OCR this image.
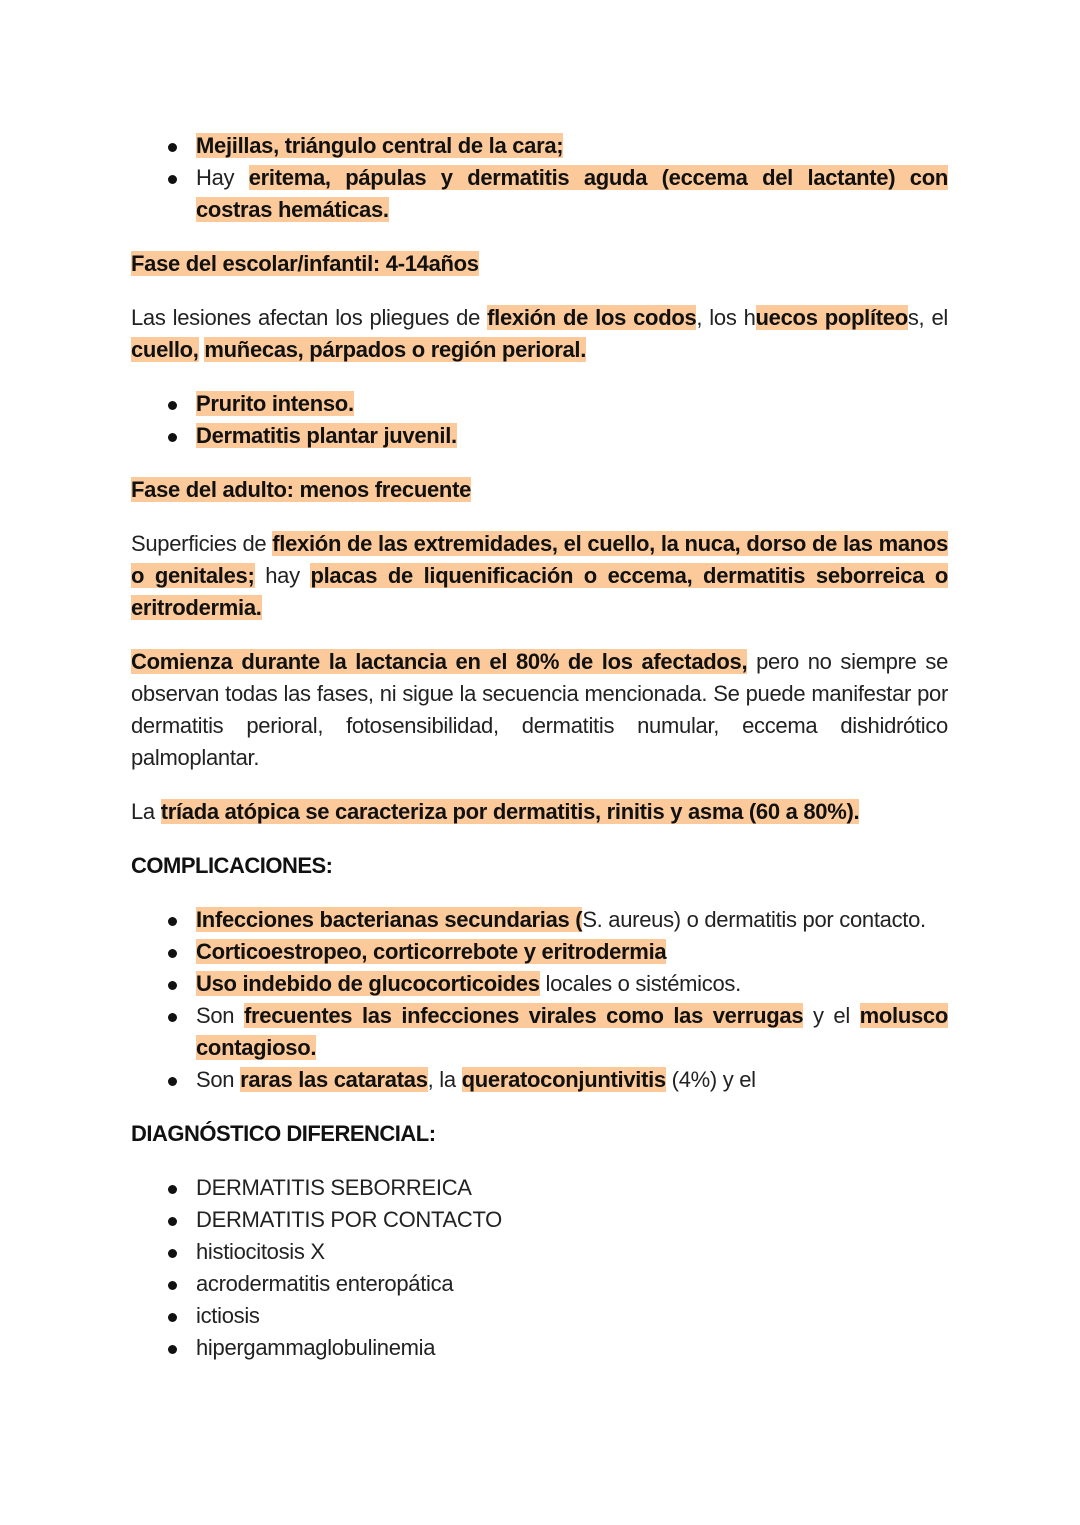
Mejillas, triángulo central de la cara;
Hay eritema, pápulas y dermatitis aguda (eccema del lactante) con costras hemáticas.

Fase del escolar/infantil: 4-14años

Las lesiones afectan los pliegues de flexión de los codos, los huecos poplíteos, el cuello, muñecas, párpados o región perioral.

Prurito intenso.
Dermatitis plantar juvenil.

Fase del adulto: menos frecuente

Superficies de flexión de las extremidades, el cuello, la nuca, dorso de las manos o genitales; hay placas de liquenificación o eccema, dermatitis seborreica o eritrodermia.

Comienza durante la lactancia en el 80% de los afectados, pero no siempre se observan todas las fases, ni sigue la secuencia mencionada. Se puede manifestar por dermatitis perioral, fotosensibilidad, dermatitis numular, eccema dishidrótico palmoplantar.

La tríada atópica se caracteriza por dermatitis, rinitis y asma (60 a 80%).

COMPLICACIONES:

Infecciones bacterianas secundarias (S. aureus) o dermatitis por contacto.
Corticoestropeo, corticorrebote y eritrodermia
Uso indebido de glucocorticoides locales o sistémicos.
Son frecuentes las infecciones virales como las verrugas y el molusco contagioso.
Son raras las cataratas, la queratoconjuntivitis (4%) y el

DIAGNÓSTICO DIFERENCIAL:

DERMATITIS SEBORREICA
DERMATITIS POR CONTACTO
histiocitosis X
acrodermatitis enteropática
ictiosis
hipergammaglobulinemia
